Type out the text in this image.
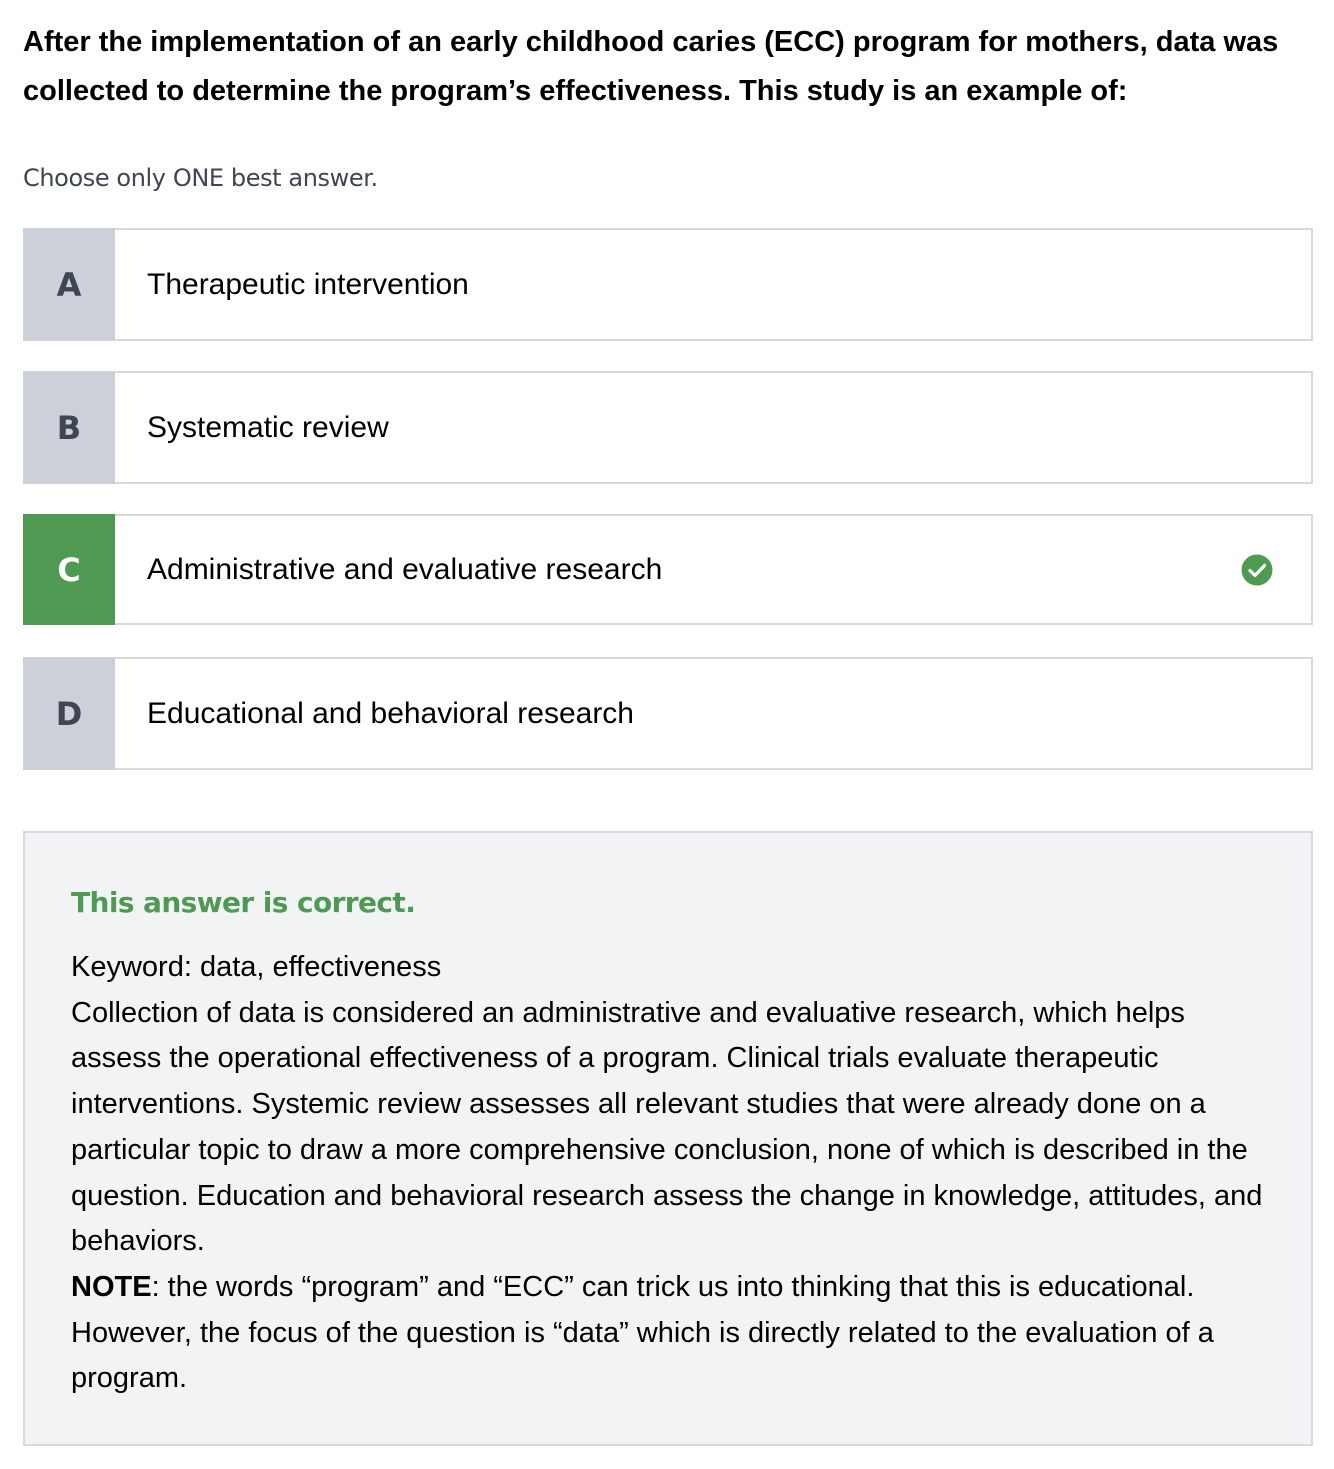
After the implementation of an early childhood caries (ECC) program for mothers, data was collected to determine the program’s effectiveness. This study is an example of:

Choose only ONE best answer.

A	Therapeutic intervention
B	Systematic review
C	Administrative and evaluative research
D	Educational and behavioral research

This answer is correct.

Keyword: data, effectiveness

Collection of data is considered an administrative and evaluative research, which helps assess the operational effectiveness of a program. Clinical trials evaluate therapeutic interventions. Systemic review assesses all relevant studies that were already done on a particular topic to draw a more comprehensive conclusion, none of which is described in the question. Education and behavioral research assess the change in knowledge, attitudes, and behaviors.

NOTE: the words “program” and “ECC” can trick us into thinking that this is educational. However, the focus of the question is “data” which is directly related to the evaluation of a program.
